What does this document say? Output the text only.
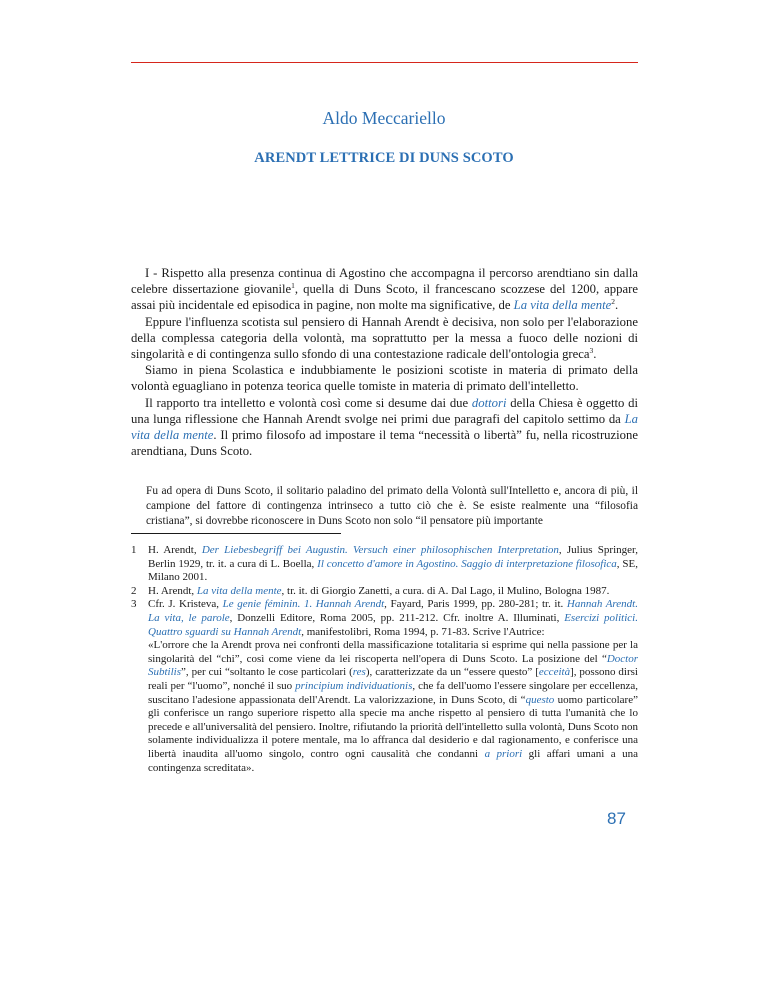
Aldo Meccariello
ARENDT LETTRICE DI DUNS SCOTO

I - Rispetto alla presenza continua di Agostino che accompagna il percorso arendtiano sin dalla celebre dissertazione giovanile$^1$, quella di Duns Scoto, il francescano scozzese del 1200, appare assai più incidentale ed episodica in pagine, non molte ma significative, de La vita della mente$^2$.

Eppure l'influenza scotista sul pensiero di Hannah Arendt è decisiva, non solo per l'elaborazione della complessa categoria della volontà, ma soprattutto per la messa a fuoco delle nozioni di singolarità e di contingenza sullo sfondo di una contestazione radicale dell'ontologia greca$^3$.

Siamo in piena Scolastica e indubbiamente le posizioni scotiste in materia di primato della volontà eguagliano in potenza teorica quelle tomiste in materia di primato dell'intelletto.

Il rapporto tra intelletto e volontà così come si desume dai due dottori della Chiesa è oggetto di una lunga riflessione che Hannah Arendt svolge nei primi due paragrafi del capitolo settimo da La vita della mente. Il primo filosofo ad impostare il tema “necessità o libertà” fu, nella ricostruzione arendtiana, Duns Scoto.

Fu ad opera di Duns Scoto, il solitario paladino del primato della Volontà sull'Intelletto e, ancora di più, il campione del fattore di contingenza intrinseco a tutto ciò che è. Se esiste realmente una “filosofia cristiana”, si dovrebbe riconoscere in Duns Scoto non solo “il pensatore più importante

1	H. Arendt, Der Liebesbegriff bei Augustin. Versuch einer philosophischen Interpretation, Julius Springer, Berlin 1929, tr. it. a cura di L. Boella, Il concetto d'amore in Agostino. Saggio di interpretazione filosofica, SE, Milano 2001.
2	H. Arendt, La vita della mente, tr. it. di Giorgio Zanetti, a cura. di A. Dal Lago, il Mulino, Bologna 1987.
3	Cfr. J. Kristeva, Le genie féminin. 1. Hannah Arendt, Fayard, Paris 1999, pp. 280-281; tr. it. Hannah Arendt. La vita, le parole, Donzelli Editore, Roma 2005, pp. 211-212. Cfr. inoltre A. Illuminati, Esercizi politici. Quattro sguardi su Hannah Arendt, manifestolibri, Roma 1994, p. 71-83. Scrive l'Autrice:
«L'orrore che la Arendt prova nei confronti della massificazione totalitaria si esprime qui nella passione per la singolarità del “chi”, così come viene da lei riscoperta nell'opera di Duns Scoto. La posizione del “Doctor Subtilis”, per cui “soltanto le cose particolari (res), caratterizzate da un “essere questo” [ecceità], possono dirsi reali per “l'uomo”, nonché il suo principium individuationis, che fa dell'uomo l'essere singolare per eccellenza, suscitano l'adesione appassionata dell'Arendt. La valorizzazione, in Duns Scoto, di “questo uomo particolare” gli conferisce un rango superiore rispetto alla specie ma anche rispetto al pensiero di tutta l'umanità che lo precede e all'universalità del pensiero. Inoltre, rifiutando la priorità dell'intelletto sulla volontà, Duns Scoto non solamente individualizza il potere mentale, ma lo affranca dal desiderio e dal ragionamento, e conferisce una libertà inaudita all'uomo singolo, contro ogni causalità che condanni a priori gli affari umani a una contingenza screditata».
87
